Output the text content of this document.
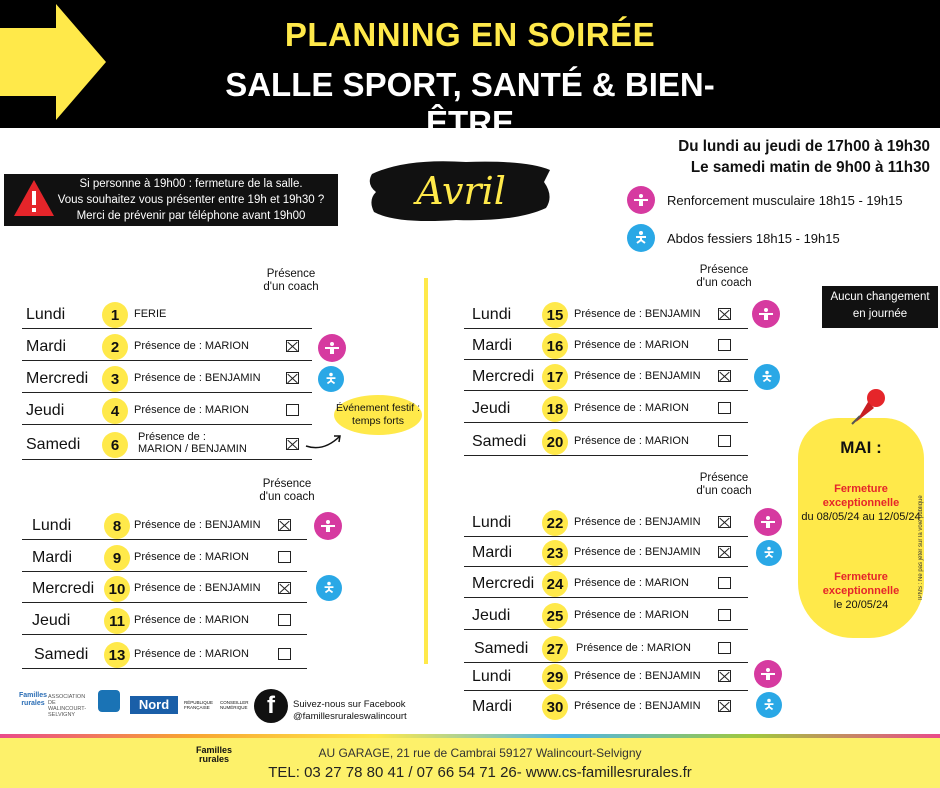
PLANNING EN SOIRÉE
SALLE SPORT, SANTÉ & BIEN-ÊTRE
Du lundi au jeudi de 17h00 à 19h30
Le samedi matin de 9h00 à 11h30
Si personne à 19h00 : fermeture de la salle.
Vous souhaitez vous présenter entre 19h et 19h30 ?
Merci de prévenir par téléphone avant 19h00
Avril	Renforcement musculaire 18h15 - 19h15
Abdos fessiers 18h15 - 19h15
Présence
d'un coach
Présence
d'un coach
Présence
d'un coach
Présence
d'un coach
Lundi	1	FERIE
Mardi	2	Présence de : MARION
Mercredi	3	Présence de : BENJAMIN
Jeudi	4	Présence de : MARION
Samedi	6	Présence de :
MARION / BENJAMIN
Événement festif :
temps forts
Lundi	8	Présence de : BENJAMIN
Mardi	9	Présence de : MARION
Mercredi 10 Présence de : BENJAMIN
Jeudi	11 Présence de : MARION
Samedi	13 Présence de : MARION
Lundi	15 Présence de : BENJAMIN
Mardi	16 Présence de : MARION
Mercredi 17 Présence de : BENJAMIN
Jeudi	18 Présence de : MARION
Samedi	20 Présence de : MARION
Aucun changement
en journée
Lundi	22 Présence de : BENJAMIN
Mardi	23 Présence de : BENJAMIN
Mercredi 24 Présence de : MARION
Jeudi	25 Présence de : MARION
Samedi	27	Présence de : MARION
Lundi	29 Présence de : BENJAMIN
Mardi	30 Présence de : BENJAMIN
MAI :
Fermeture exceptionnelle
du 08/05/24 au 12/05/24
Fermeture exceptionnelle
le 20/05/24
IPNS : Ne pas jeter sur la voie publique
Familles rurales
ASSOCIATION DE WALINCOURT-SELVIGNY
Nord	RÉPUBLIQUE FRANÇAISE
CONSEILLER NUMÉRIQUE f	Suivez-nous sur Facebook
@famillesruraleswalincourt
Familles
rurales	AU GARAGE, 21 rue de Cambrai 59127 Walincourt-Selvigny
TEL: 03 27 78 80 41 / 07 66 54 71 26- www.cs-famillesrurales.fr
